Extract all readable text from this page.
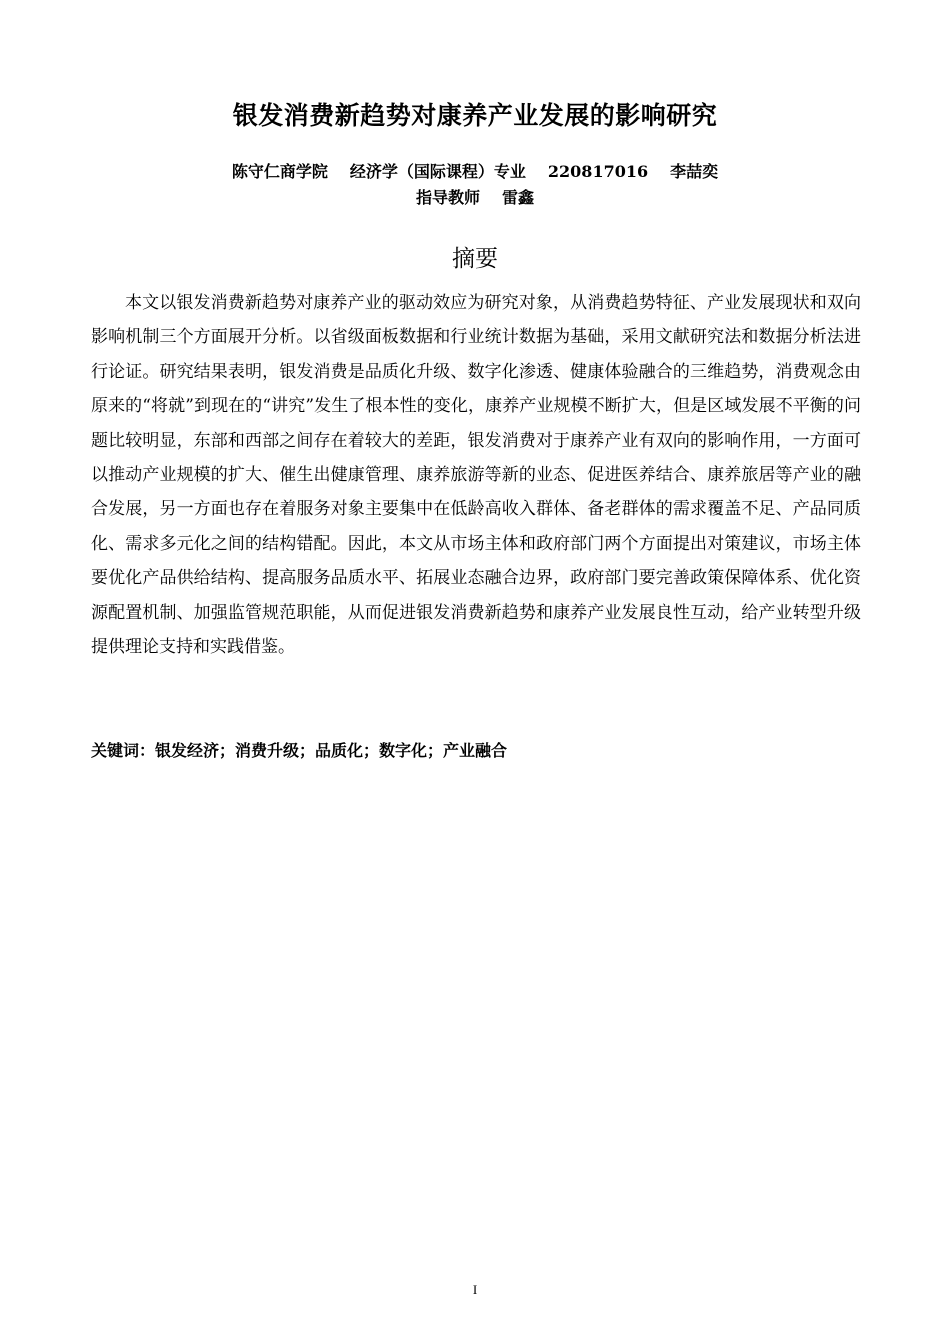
银发消费新趋势对康养产业发展的影响研究
陈守仁商学院 经济学（国际课程）专业 220817016 李喆奕
指导教师 雷鑫
摘要

本文以银发消费新趋势对康养产业的驱动效应为研究对象，从消费趋势特征、产业发展现状和双向影响机制三个方面展开分析。以省级面板数据和行业统计数据为基础，采用文献研究法和数据分析法进行论证。研究结果表明，银发消费是品质化升级、数字化渗透、健康体验融合的三维趋势，消费观念由原来的“将就”到现在的“讲究”发生了根本性的变化，康养产业规模不断扩大，但是区域发展不平衡的问题比较明显，东部和西部之间存在着较大的差距，银发消费对于康养产业有双向的影响作用，一方面可以推动产业规模的扩大、催生出健康管理、康养旅游等新的业态、促进医养结合、康养旅居等产业的融合发展，另一方面也存在着服务对象主要集中在低龄高收入群体、备老群体的需求覆盖不足、产品同质化、需求多元化之间的结构错配。因此，本文从市场主体和政府部门两个方面提出对策建议，市场主体要优化产品供给结构、提高服务品质水平、拓展业态融合边界，政府部门要完善政策保障体系、优化资源配置机制、加强监管规范职能，从而促进银发消费新趋势和康养产业发展良性互动，给产业转型升级提供理论支持和实践借鉴。

关键词：银发经济；消费升级；品质化；数字化；产业融合
I
